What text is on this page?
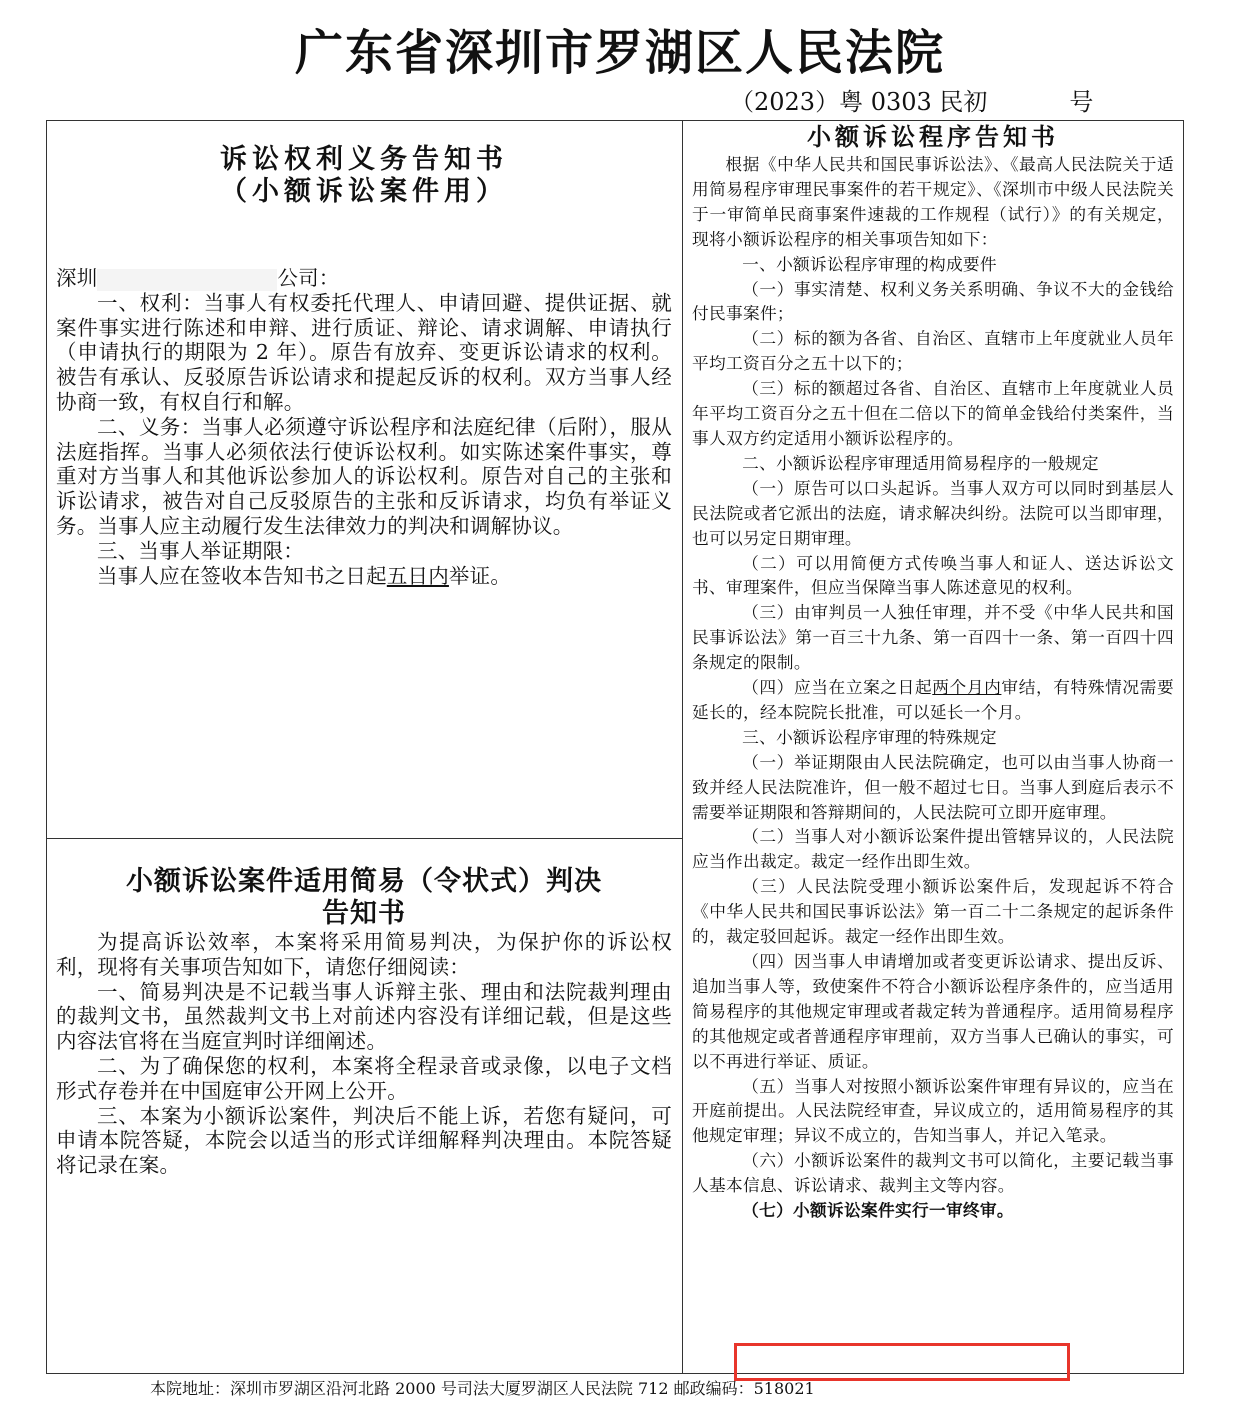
广东省深圳市罗湖区人民法院
（2023）粤 0303 民初	号
诉讼权利义务告知书
（小额诉讼案件用）

深圳	公司：

一、权利：当事人有权委托代理人、申请回避、提供证据、就案件事实进行陈述和申辩、进行质证、辩论、请求调解、申请执行（申请执行的期限为 2 年）。原告有放弃、变更诉讼请求的权利。被告有承认、反驳原告诉讼请求和提起反诉的权利。双方当事人经协商一致，有权自行和解。

二、义务：当事人必须遵守诉讼程序和法庭纪律（后附），服从法庭指挥。当事人必须依法行使诉讼权利。如实陈述案件事实，尊重对方当事人和其他诉讼参加人的诉讼权利。原告对自己的主张和诉讼请求，被告对自己反驳原告的主张和反诉请求，均负有举证义务。当事人应主动履行发生法律效力的判决和调解协议。

三、当事人举证期限：

当事人应在签收本告知书之日起五日内举证。

小额诉讼案件适用简易（令状式）判决
告知书

为提高诉讼效率，本案将采用简易判决，为保护你的诉讼权利，现将有关事项告知如下，请您仔细阅读：

一、简易判决是不记载当事人诉辩主张、理由和法院裁判理由的裁判文书，虽然裁判文书上对前述内容没有详细记载，但是这些内容法官将在当庭宣判时详细阐述。

二、为了确保您的权利，本案将全程录音或录像，以电子文档形式存卷并在中国庭审公开网上公开。

三、本案为小额诉讼案件，判决后不能上诉，若您有疑问，可申请本院答疑，本院会以适当的形式详细解释判决理由。本院答疑将记录在案。

小额诉讼程序告知书

根据《中华人民共和国民事诉讼法》、《最高人民法院关于适用简易程序审理民事案件的若干规定》、《深圳市中级人民法院关于一审简单民商事案件速裁的工作规程（试行）》的有关规定，现将小额诉讼程序的相关事项告知如下：

一、小额诉讼程序审理的构成要件

（一）事实清楚、权利义务关系明确、争议不大的金钱给付民事案件；

（二）标的额为各省、自治区、直辖市上年度就业人员年平均工资百分之五十以下的；

（三）标的额超过各省、自治区、直辖市上年度就业人员年平均工资百分之五十但在二倍以下的简单金钱给付类案件，当事人双方约定适用小额诉讼程序的。

二、小额诉讼程序审理适用简易程序的一般规定

（一）原告可以口头起诉。当事人双方可以同时到基层人民法院或者它派出的法庭，请求解决纠纷。法院可以当即审理，也可以另定日期审理。

（二）可以用简便方式传唤当事人和证人、送达诉讼文书、审理案件，但应当保障当事人陈述意见的权利。

（三）由审判员一人独任审理，并不受《中华人民共和国民事诉讼法》第一百三十九条、第一百四十一条、第一百四十四条规定的限制。

（四）应当在立案之日起两个月内审结，有特殊情况需要延长的，经本院院长批准，可以延长一个月。

三、小额诉讼程序审理的特殊规定

（一）举证期限由人民法院确定，也可以由当事人协商一致并经人民法院准许，但一般不超过七日。当事人到庭后表示不需要举证期限和答辩期间的，人民法院可立即开庭审理。

（二）当事人对小额诉讼案件提出管辖异议的，人民法院应当作出裁定。裁定一经作出即生效。

（三）人民法院受理小额诉讼案件后，发现起诉不符合《中华人民共和国民事诉讼法》第一百二十二条规定的起诉条件的，裁定驳回起诉。裁定一经作出即生效。

（四）因当事人申请增加或者变更诉讼请求、提出反诉、追加当事人等，致使案件不符合小额诉讼程序条件的，应当适用简易程序的其他规定审理或者裁定转为普通程序。适用简易程序的其他规定或者普通程序审理前，双方当事人已确认的事实，可以不再进行举证、质证。

（五）当事人对按照小额诉讼案件审理有异议的，应当在开庭前提出。人民法院经审查，异议成立的，适用简易程序的其他规定审理；异议不成立的，告知当事人，并记入笔录。

（六）小额诉讼案件的裁判文书可以简化，主要记载当事人基本信息、诉讼请求、裁判主文等内容。

（七）小额诉讼案件实行一审终审。

本院地址：深圳市罗湖区沿河北路 2000 号司法大厦罗湖区人民法院 712 邮政编码：518021
